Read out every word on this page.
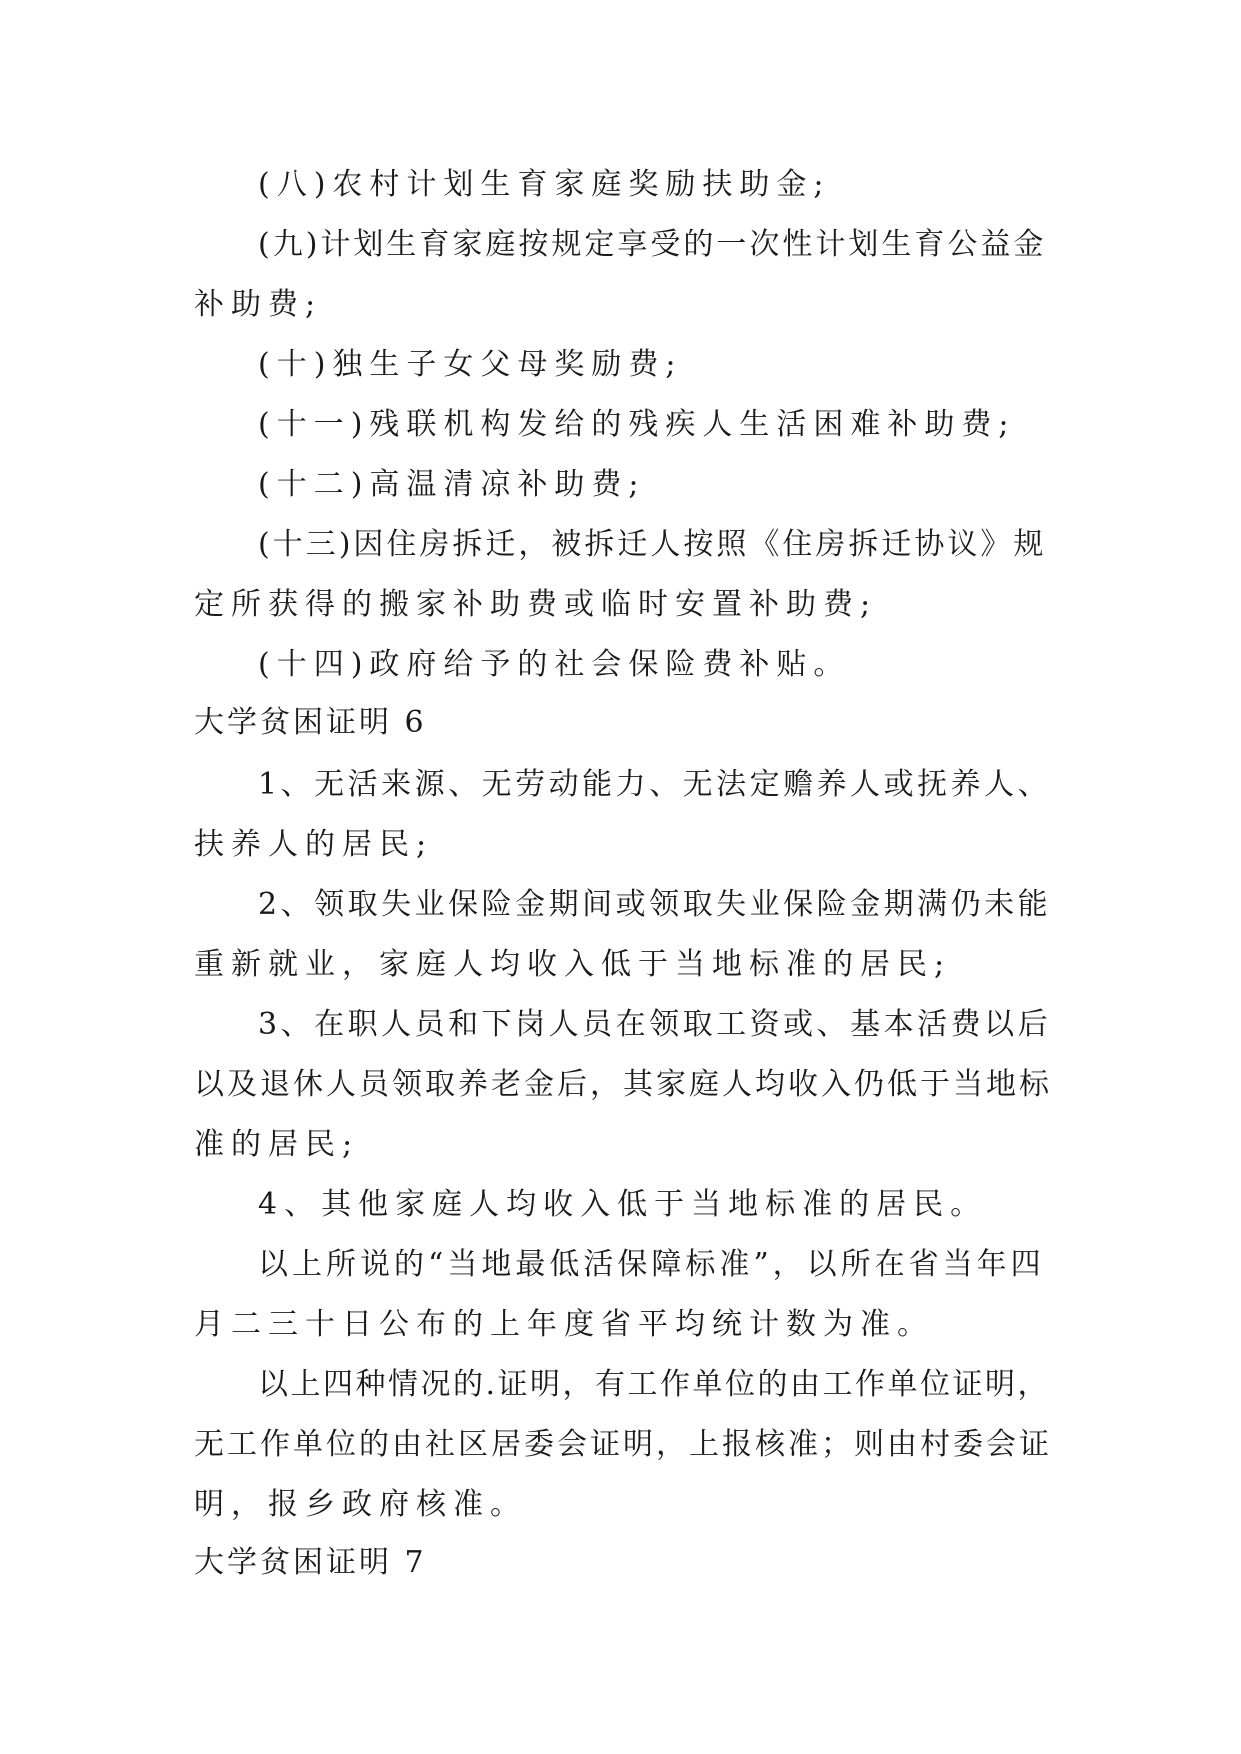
(八)农村计划生育家庭奖励扶助金;
(九)计划生育家庭按规定享受的一次性计划生育公益金
补助费;
(十)独生子女父母奖励费;
(十一)残联机构发给的残疾人生活困难补助费;
(十二)高温清凉补助费;
(十三)因住房拆迁，被拆迁人按照《住房拆迁协议》规
定所获得的搬家补助费或临时安置补助费;
(十四)政府给予的社会保险费补贴。
大学贫困证明 6
1、无活来源、无劳动能力、无法定赡养人或抚养人、
扶养人的居民;
2、领取失业保险金期间或领取失业保险金期满仍未能
重新就业，家庭人均收入低于当地标准的居民;
3、在职人员和下岗人员在领取工资或、基本活费以后
以及退休人员领取养老金后，其家庭人均收入仍低于当地标
准的居民;
4、其他家庭人均收入低于当地标准的居民。
以上所说的“当地最低活保障标准”，以所在省当年四
月二三十日公布的上年度省平均统计数为准。
以上四种情况的.证明，有工作单位的由工作单位证明，
无工作单位的由社区居委会证明，上报核准；则由村委会证
明，报乡政府核准。
大学贫困证明 7
